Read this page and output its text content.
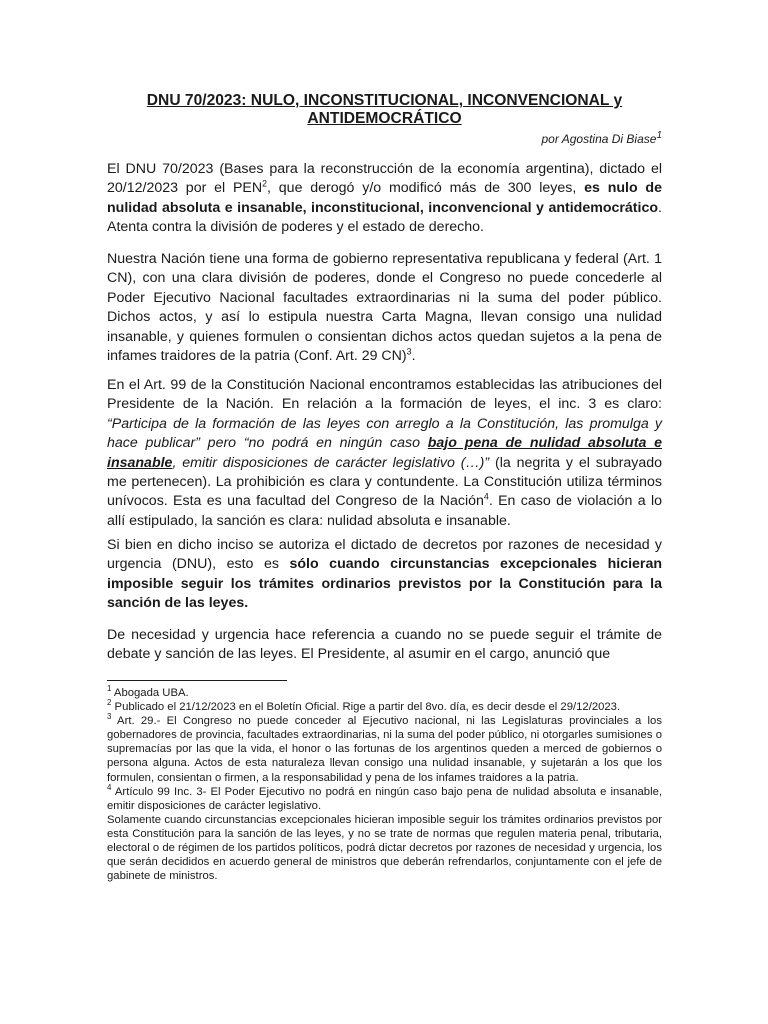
DNU 70/2023: NULO, INCONSTITUCIONAL, INCONVENCIONAL y ANTIDEMOCRÁTICO

por Agostina Di Biase$^1$

El DNU 70/2023 (Bases para la reconstrucción de la economía argentina), dictado el 20/12/2023 por el PEN$^2$, que derogó y/o modificó más de 300 leyes, es nulo de nulidad absoluta e insanable, inconstitucional, inconvencional y antidemocrático. Atenta contra la división de poderes y el estado de derecho.

Nuestra Nación tiene una forma de gobierno representativa republicana y federal (Art. 1 CN), con una clara división de poderes, donde el Congreso no puede concederle al Poder Ejecutivo Nacional facultades extraordinarias ni la suma del poder público. Dichos actos, y así lo estipula nuestra Carta Magna, llevan consigo una nulidad insanable, y quienes formulen o consientan dichos actos quedan sujetos a la pena de infames traidores de la patria (Conf. Art. 29 CN)$^3$.

En el Art. 99 de la Constitución Nacional encontramos establecidas las atribuciones del Presidente de la Nación. En relación a la formación de leyes, el inc. 3 es claro: “Participa de la formación de las leyes con arreglo a la Constitución, las promulga y hace publicar” pero “no podrá en ningún caso bajo pena de nulidad absoluta e insanable, emitir disposiciones de carácter legislativo (…)” (la negrita y el subrayado me pertenecen). La prohibición es clara y contundente. La Constitución utiliza términos unívocos. Esta es una facultad del Congreso de la Nación$^4$. En caso de violación a lo allí estipulado, la sanción es clara: nulidad absoluta e insanable.

Si bien en dicho inciso se autoriza el dictado de decretos por razones de necesidad y urgencia (DNU), esto es sólo cuando circunstancias excepcionales hicieran imposible seguir los trámites ordinarios previstos por la Constitución para la sanción de las leyes.

De necesidad y urgencia hace referencia a cuando no se puede seguir el trámite de debate y sanción de las leyes. El Presidente, al asumir en el cargo, anunció que

$^1$ Abogada UBA.

$^2$ Publicado el 21/12/2023 en el Boletín Oficial. Rige a partir del 8vo. día, es decir desde el 29/12/2023.

$^3$ Art. 29.- El Congreso no puede conceder al Ejecutivo nacional, ni las Legislaturas provinciales a los gobernadores de provincia, facultades extraordinarias, ni la suma del poder público, ni otorgarles sumisiones o supremacías por las que la vida, el honor o las fortunas de los argentinos queden a merced de gobiernos o persona alguna. Actos de esta naturaleza llevan consigo una nulidad insanable, y sujetarán a los que los formulen, consientan o firmen, a la responsabilidad y pena de los infames traidores a la patria.

$^4$ Artículo 99 Inc. 3- El Poder Ejecutivo no podrá en ningún caso bajo pena de nulidad absoluta e insanable, emitir disposiciones de carácter legislativo.

Solamente cuando circunstancias excepcionales hicieran imposible seguir los trámites ordinarios previstos por esta Constitución para la sanción de las leyes, y no se trate de normas que regulen materia penal, tributaria, electoral o de régimen de los partidos políticos, podrá dictar decretos por razones de necesidad y urgencia, los que serán decididos en acuerdo general de ministros que deberán refrendarlos, conjuntamente con el jefe de gabinete de ministros.
